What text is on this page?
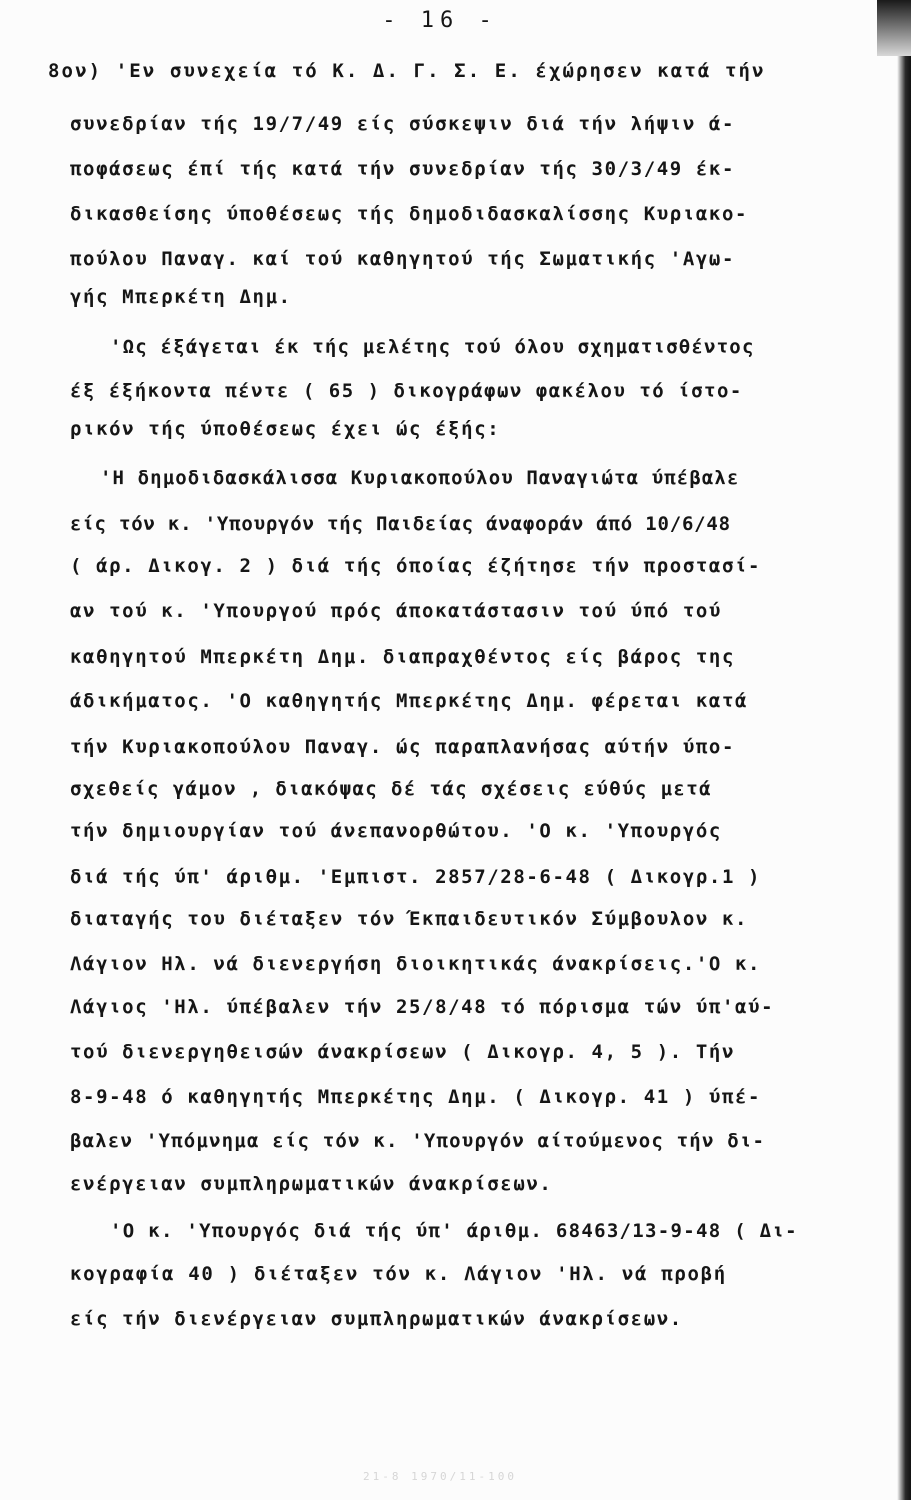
- 16 -
8ον) 'Εν συνεχεία τό Κ. Δ. Γ. Σ. Ε. έχώρησεν κατά τήν
συνεδρίαν τής 19/7/49 είς σύσκεψιν διά τήν λήψιν ά-
ποφάσεως έπί τής κατά τήν συνεδρίαν τής 30/3/49 έκ-
δικασθείσης ύποθέσεως τής δημοδιδασκαλίσσης Κυριακο-
πούλου Παναγ. καί τού καθηγητού τής Σωματικής 'Αγω-
γής Μπερκέτη Δημ.
'Ως έξάγεται έκ τής μελέτης τού όλου σχηματισθέντος
έξ έξήκοντα πέντε ( 65 ) δικογράφων φακέλου τό ίστο-
ρικόν τής ύποθέσεως έχει ώς έξής:
'Η δημοδιδασκάλισσα Κυριακοπούλου Παναγιώτα ύπέβαλε
είς τόν κ. 'Υπουργόν τής Παιδείας άναφοράν άπό 10/6/48
( άρ. Δικογ. 2 ) διά τής όποίας έζήτησε τήν προστασί-
αν τού κ. 'Υπουργού πρός άποκατάστασιν τού ύπό τού
καθηγητού Μπερκέτη Δημ. διαπραχθέντος είς βάρος της
άδικήματος. 'Ο καθηγητής Μπερκέτης Δημ. φέρεται κατά
τήν Κυριακοπούλου Παναγ. ώς παραπλανήσας αύτήν ύπο-
σχεθείς γάμον , διακόψας δέ τάς σχέσεις εύθύς μετά
τήν δημιουργίαν τού άνεπανορθώτου. 'Ο κ. 'Υπουργός
διά τής ύπ' άριθμ. 'Εμπιστ. 2857/28-6-48 ( Δικογρ.1 )
διαταγής του διέταξεν τόν Έκπαιδευτικόν Σύμβουλον κ.
Λάγιον Ηλ. νά διενεργήση διοικητικάς άνακρίσεις.'Ο κ.
Λάγιος 'Ηλ. ύπέβαλεν τήν 25/8/48 τό πόρισμα τών ύπ'αύ-
τού διενεργηθεισών άνακρίσεων ( Δικογρ. 4, 5 ). Τήν
8-9-48 ό καθηγητής Μπερκέτης Δημ. ( Δικογρ. 41 ) ύπέ-
βαλεν 'Υπόμνημα είς τόν κ. 'Υπουργόν αίτούμενος τήν δι-
ενέργειαν συμπληρωματικών άνακρίσεων.
'Ο κ. 'Υπουργός διά τής ύπ' άριθμ. 68463/13-9-48 ( Δι-
κογραφία 40 ) διέταξεν τόν κ. Λάγιον 'Ηλ. νά προβή
είς τήν διενέργειαν συμπληρωματικών άνακρίσεων.
21-8 1970/11-100
